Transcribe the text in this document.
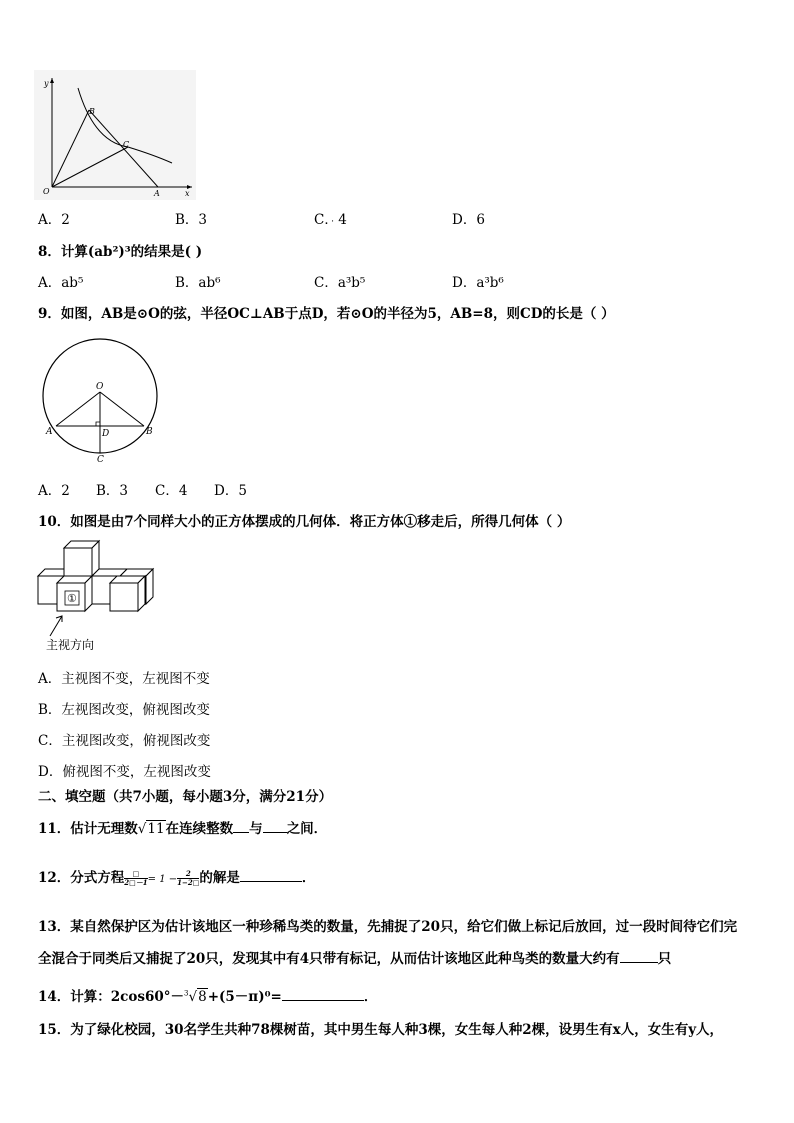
y
x
O	A
B
C
A．2	B．3	C．· 4	D．6
8．计算(ab²)³的结果是( )
A．ab⁵	B．ab⁶	C．a³b⁵	D．a³b⁶
9．如图，AB是⊙O的弦，半径OC⊥AB于点D，若⊙O的半径为5，AB=8，则CD的长是（ ）
O
A	B
D
C
A．2 B．3 C．4 D．5
10．如图是由7个同样大小的正方体摆成的几何体．将正方体①移走后，所得几何体（ ）
①
主视方向
A．主视图不变，左视图不变
B．左视图改变，俯视图改变
C．主视图改变，俯视图改变
D．俯视图不变，左视图改变
二、填空题（共7小题，每小题3分，满分21分）
11．估计无理数√11在连续整数 与 之间．
12．分式方程 $\frac{□}{2□-1} = 1 - \frac{2}{1-2□}$ 的解是	．
13．某自然保护区为估计该地区一种珍稀鸟类的数量，先捕捉了20只，给它们做上标记后放回，过一段时间待它们完
全混合于同类后又捕捉了20只，发现其中有4只带有标记，从而估计该地区此种鸟类的数量大约有	只
14．计算：2cos60°－$^3$√8+(5－π)⁰=	．
15．为了绿化校园，30名学生共种78棵树苗，其中男生每人种3棵，女生每人种2棵，设男生有x人，女生有y人，
